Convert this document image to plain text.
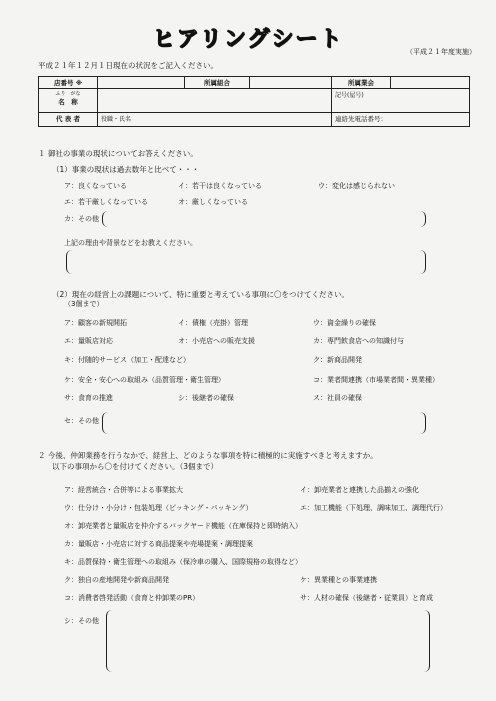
ヒアリングシート	（平成２１年度実施）
平成２１年１２月１日現在の状況をご記入ください。
店番号 ※		所属組合		所属業会	

ふり　がな
名　称				記号(屋号)	
代 表 者	役職・氏名			連絡先電話番号：	
１ 御社の事業の現状についてお答えください。
（1）事業の現状は過去数年と比べて・・・
ア：良くなっている	イ：若干は良くなっている	ウ：変化は感じられない
エ：若干厳しくなっている	オ：厳しくなっている
カ：その他
上記の理由や背景などをお教えください。
（2）現在の経営上の課題について、特に重要と考えている事項に〇をつけてください。
（3個まで）
ア：顧客の新規開拓	イ：債権（売掛）管理	ウ：資金繰りの確保
エ：量販店対応	オ：小売店への販売支援	カ：専門飲食店への知識付与
キ：付随的サービス（加工・配達など）	ク：新商品開発
ケ：安全・安心への取組み（品質管理・衛生管理）	コ：業者間連携（市場業者間・異業種）
サ：食育の推進	シ：後継者の確保	ス：社員の確保
セ：その他
２ 今後、仲卸業務を行うなかで、経営上、どのような事項を特に積極的に実施すべきと考えますか。
以下の事項から〇を付けてください。（3個まで）
ア：経営統合・合併等による事業拡大	イ：卸売業者と連携した品揃えの強化
ウ：仕分け・小分け・包装処理（ピッキング・パッキング）	エ：加工機能（下処理、調味加工、調理代行）
オ：卸売業者と量販店を仲介するバックヤード機能（在庫保持と即時納入）
カ：量販店・小売店に対する商品提案や売場提案・調理提案
キ：品質保持・衛生管理への取組み（保冷車の購入、国際規格の取得など）
ク：独自の産地開発や新商品開発	ケ：異業種との事業連携
コ：消費者啓発活動（食育と仲卸業のPR）	サ：人材の確保（後継者・従業員）と育成
シ：その他
